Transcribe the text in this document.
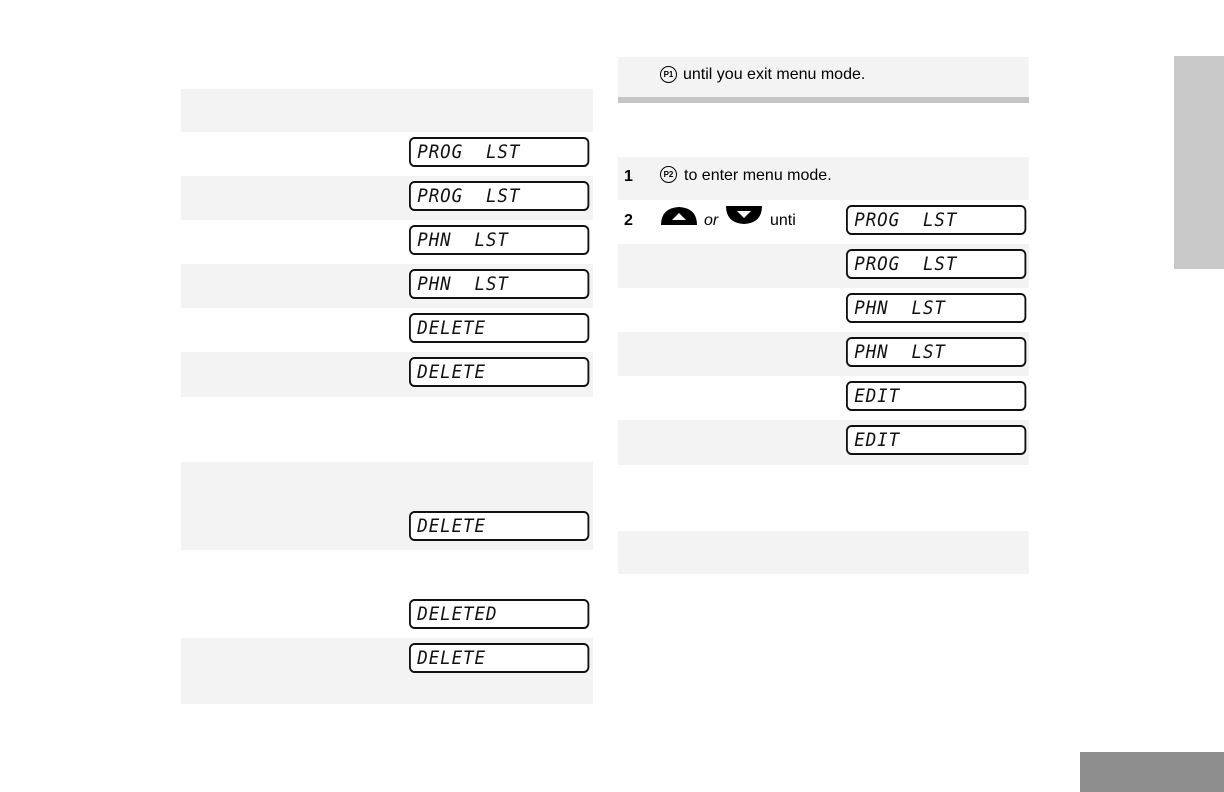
PROG  LST
PROG  LST
PHN  LST
PHN  LST
DELETE
DELETE
DELETE
DELETED
DELETE
P1 until you exit menu mode.
1	P2 to enter menu mode.
2	or	unti	PROG  LST
PROG  LST
PHN  LST
PHN  LST
EDIT
EDIT
